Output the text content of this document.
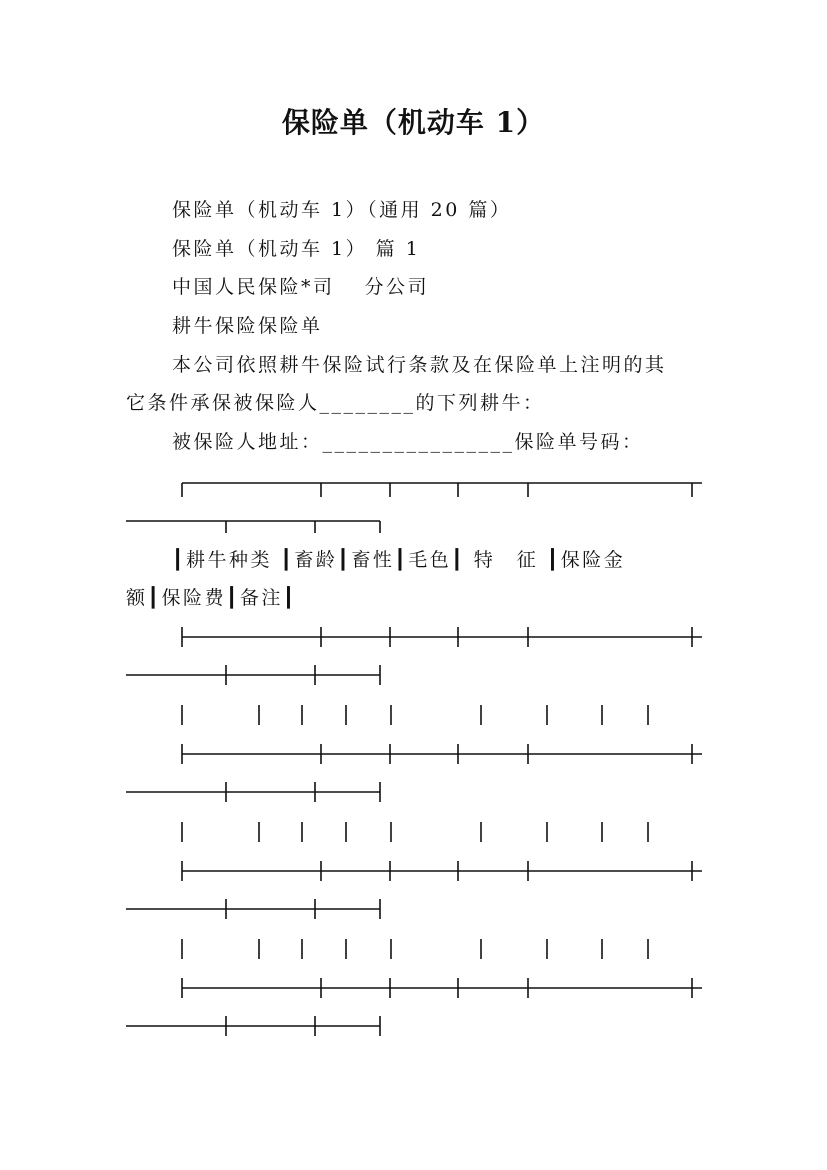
保险单（机动车 1）
保险单（机动车 1）（通用 20 篇）
保险单（机动车 1） 篇 1
中国人民保险*司　 分公司
耕牛保险保险单
本公司依照耕牛保险试行条款及在保险单上注明的其
它条件承保被保险人________的下列耕牛：
被保险人地址：________________保险单号码：
┃耕牛种类 ┃畜龄┃畜性┃毛色┃ 特　征 ┃保险金
额┃保险费┃备注┃
